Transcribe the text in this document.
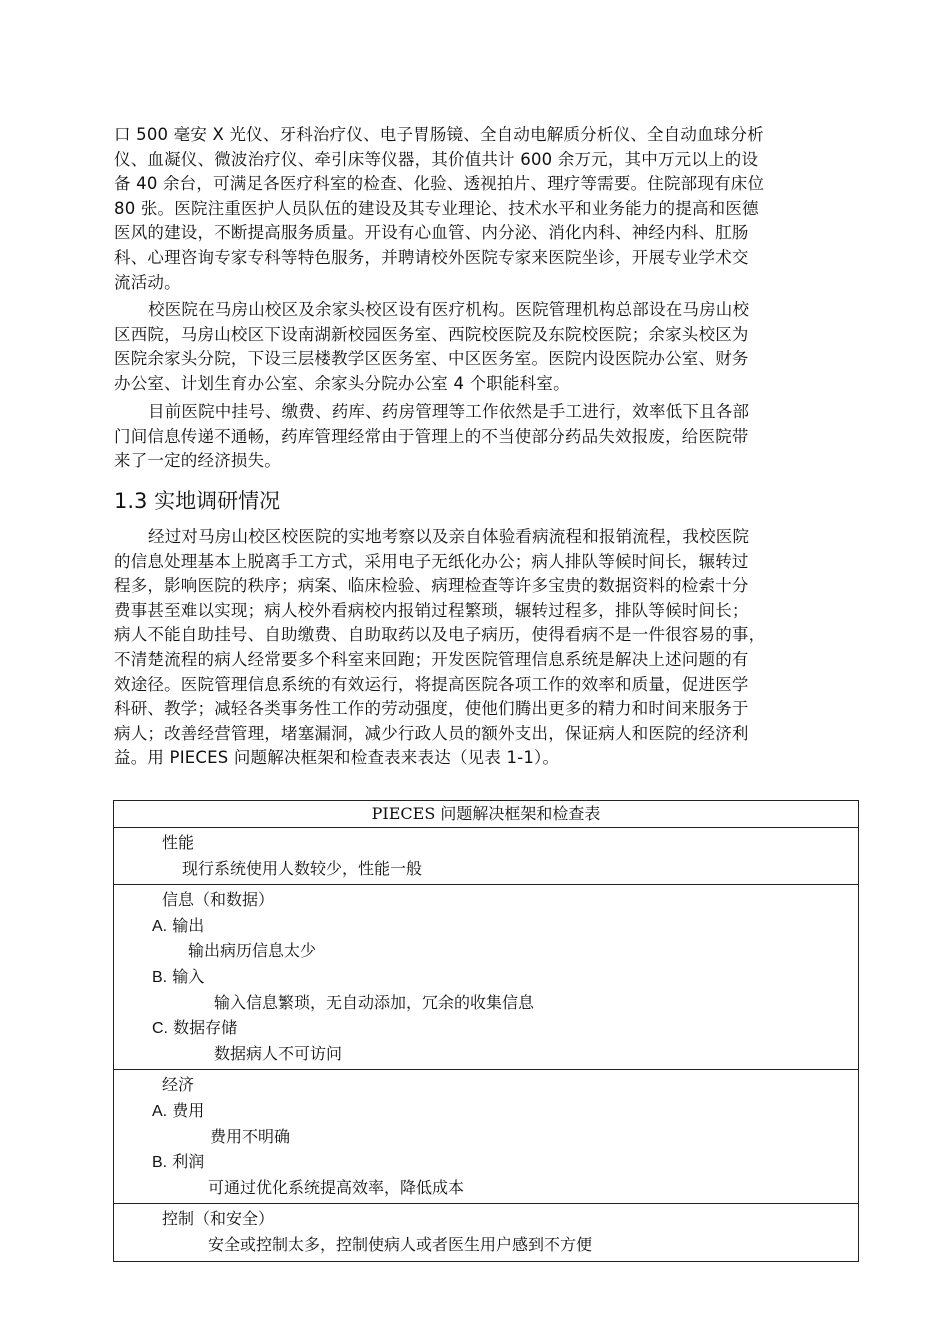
口 500 毫安 X 光仪、牙科治疗仪、电子胃肠镜、全自动电解质分析仪、全自动血球分析
仪、血凝仪、微波治疗仪、牵引床等仪器，其价值共计 600 余万元，其中万元以上的设
备 40 余台，可满足各医疗科室的检查、化验、透视拍片、理疗等需要。住院部现有床位
80 张。医院注重医护人员队伍的建设及其专业理论、技术水平和业务能力的提高和医德
医风的建设，不断提高服务质量。开设有心血管、内分泌、消化内科、神经内科、肛肠
科、心理咨询专家专科等特色服务，并聘请校外医院专家来医院坐诊，开展专业学术交
流活动。

校医院在马房山校区及余家头校区设有医疗机构。医院管理机构总部设在马房山校
区西院，马房山校区下设南湖新校园医务室、西院校医院及东院校医院；余家头校区为
医院余家头分院，下设三层楼教学区医务室、中区医务室。医院内设医院办公室、财务
办公室、计划生育办公室、余家头分院办公室 4 个职能科室。

目前医院中挂号、缴费、药库、药房管理等工作依然是手工进行，效率低下且各部
门间信息传递不通畅，药库管理经常由于管理上的不当使部分药品失效报废，给医院带
来了一定的经济损失。

1.3 实地调研情况

经过对马房山校区校医院的实地考察以及亲自体验看病流程和报销流程，我校医院
的信息处理基本上脱离手工方式，采用电子无纸化办公；病人排队等候时间长，辗转过
程多，影响医院的秩序；病案、临床检验、病理检查等许多宝贵的数据资料的检索十分
费事甚至难以实现；病人校外看病校内报销过程繁琐，辗转过程多，排队等候时间长；
病人不能自助挂号、自助缴费、自助取药以及电子病历，使得看病不是一件很容易的事，
不清楚流程的病人经常要多个科室来回跑；开发医院管理信息系统是解决上述问题的有
效途径。医院管理信息系统的有效运行，将提高医院各项工作的效率和质量，促进医学
科研、教学；减轻各类事务性工作的劳动强度，使他们腾出更多的精力和时间来服务于
病人；改善经营管理，堵塞漏洞，减少行政人员的额外支出，保证病人和医院的经济利
益。用 PIECES 问题解决框架和检查表来表达（见表 1-1）。

PIECES 问题解决框架和检查表
性能
现行系统使用人数较少，性能一般
信息（和数据）
A. 输出
输出病历信息太少
B. 输入
输入信息繁琐，无自动添加，冗余的收集信息
C. 数据存储
数据病人不可访问
经济
A. 费用
费用不明确
B. 利润
可通过优化系统提高效率，降低成本
控制（和安全）
安全或控制太多，控制使病人或者医生用户感到不方便
